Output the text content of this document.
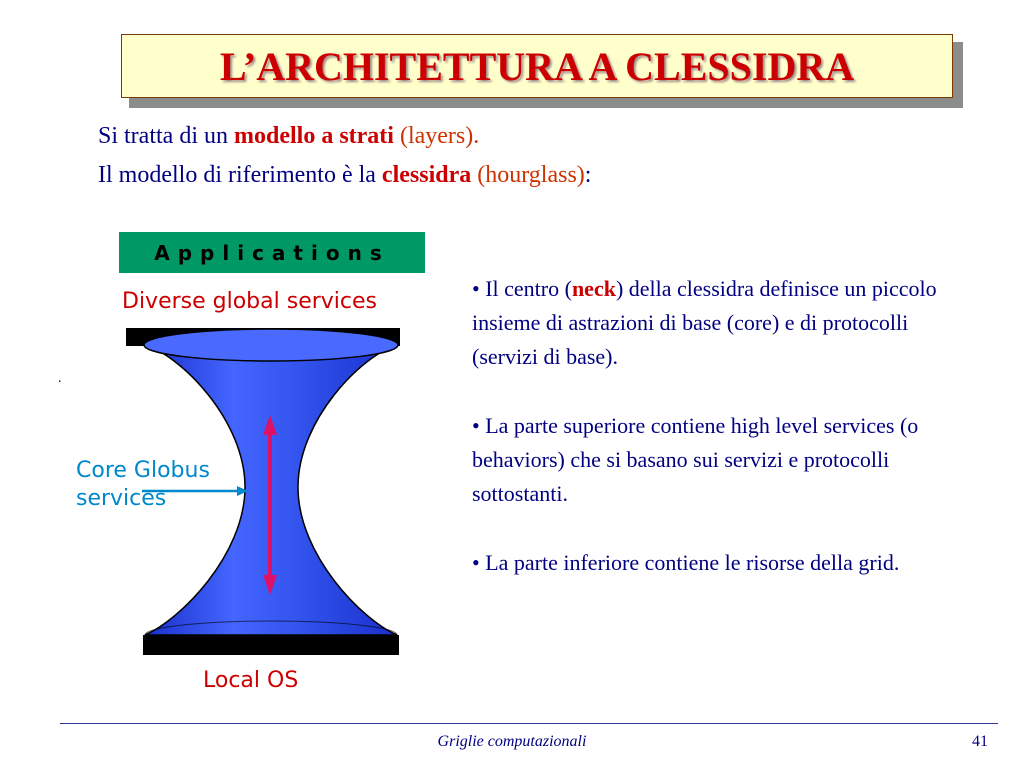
L’ARCHITETTURA A CLESSIDRA
Si tratta di un modello a strati (layers).
Il modello di riferimento è la clessidra (hourglass):
.
Applications
Diverse global services
Core Globus
services
Local OS

• Il centro (neck) della clessidra definisce un piccolo insieme di astrazioni di base (core) e di protocolli (servizi di base).

• La parte superiore contiene high level services (o behaviors) che si basano sui servizi e protocolli sottostanti.

• La parte inferiore contiene le risorse della grid.

Griglie computazionali	41
